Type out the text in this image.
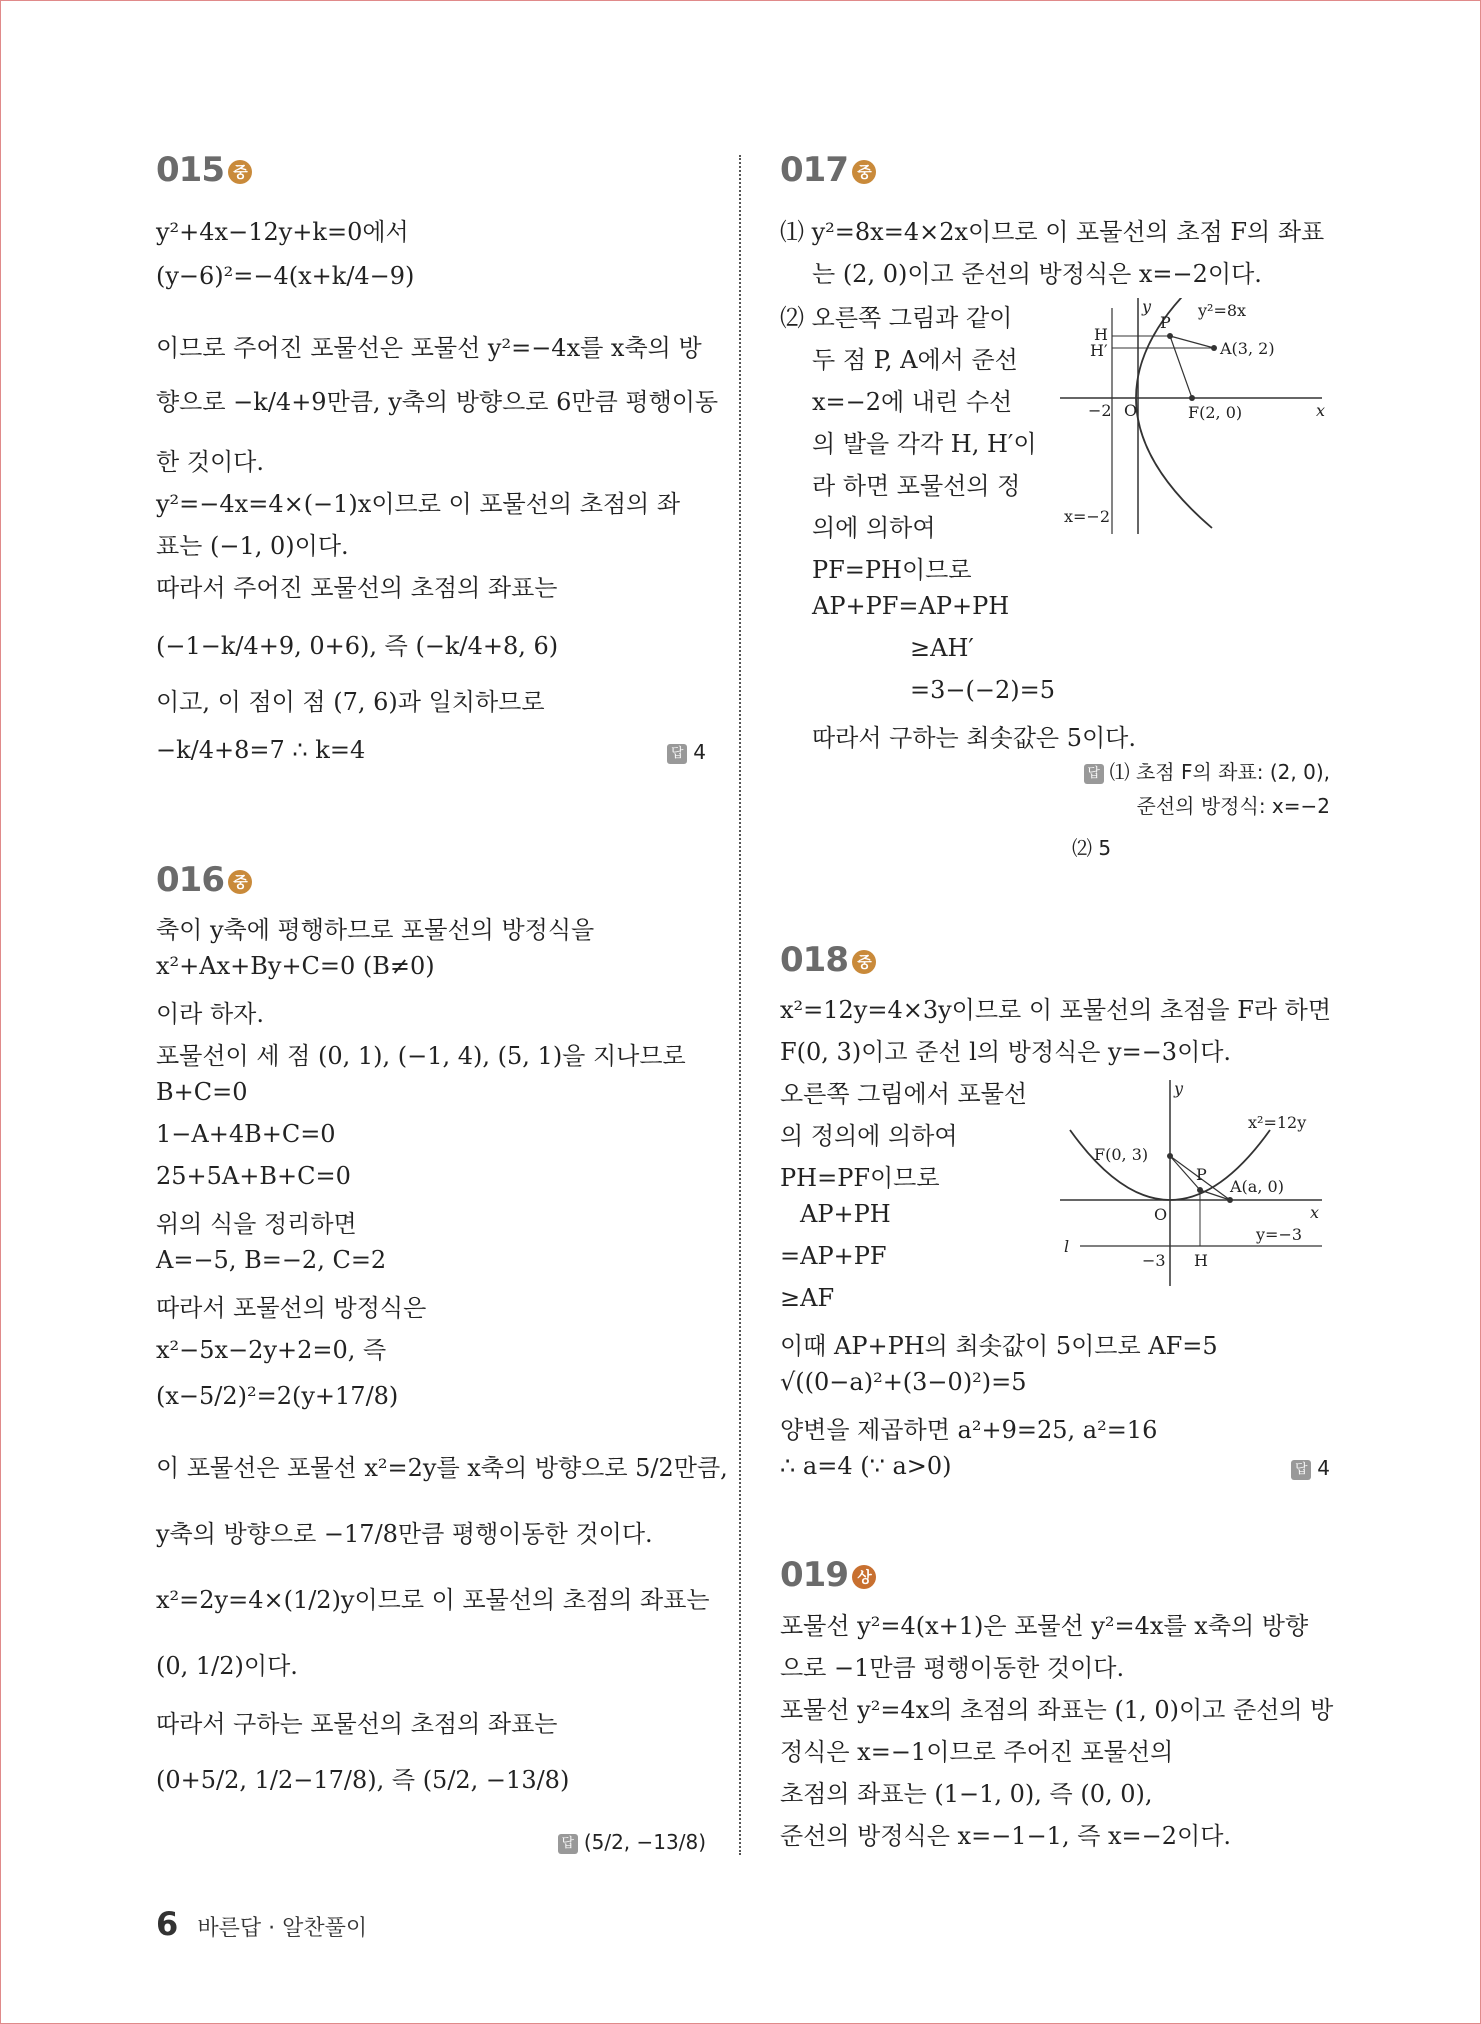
015 중
y²+4x−12y+k=0에서
(y−6)²=−4(x+k/4−9)
이므로 주어진 포물선은 포물선 y²=−4x를 x축의 방
향으로 −k/4+9만큼, y축의 방향으로 6만큼 평행이동
한 것이다.
y²=−4x=4×(−1)x이므로 이 포물선의 초점의 좌
표는 (−1, 0)이다.
따라서 주어진 포물선의 초점의 좌표는
(−1−k/4+9, 0+6), 즉 (−k/4+8, 6)
이고, 이 점이 점 (7, 6)과 일치하므로
−k/4+8=7 ∴ k=4	답 4
016 중
축이 y축에 평행하므로 포물선의 방정식을
x²+Ax+By+C=0 (B≠0)
이라 하자.
포물선이 세 점 (0, 1), (−1, 4), (5, 1)을 지나므로
B+C=0
1−A+4B+C=0
25+5A+B+C=0
위의 식을 정리하면
A=−5, B=−2, C=2
따라서 포물선의 방정식은
x²−5x−2y+2=0, 즉
(x−5/2)²=2(y+17/8)
이 포물선은 포물선 x²=2y를 x축의 방향으로 5/2만큼,
y축의 방향으로 −17/8만큼 평행이동한 것이다.
x²=2y=4×(1/2)y이므로 이 포물선의 초점의 좌표는
(0, 1/2)이다.
따라서 구하는 포물선의 초점의 좌표는
(0+5/2, 1/2−17/8), 즉 (5/2, −13/8)
답 (5/2, −13/8)
017 중
⑴ y²=8x=4×2x이므로 이 포물선의 초점 F의 좌표
는 (2, 0)이고 준선의 방정식은 x=−2이다.
⑵ 오른쪽 그림과 같이
두 점 P, A에서 준선
x=−2에 내린 수선
의 발을 각각 H, H′이
라 하면 포물선의 정
의에 의하여
PF=PH이므로
AP+PF=AP+PH
≥AH′
=3−(−2)=5
따라서 구하는 최솟값은 5이다.
답 ⑴ 초점 F의 좌표: (2, 0),
준선의 방정식: x=−2
⑵ 5
y	y²=8x
H
H′
P
A(3, 2)
−2 O	F(2, 0)	x
x=−2
018 중
x²=12y=4×3y이므로 이 포물선의 초점을 F라 하면
F(0, 3)이고 준선 l의 방정식은 y=−3이다.
오른쪽 그림에서 포물선
의 정의에 의하여
PH=PF이므로
AP+PH
=AP+PF
≥AF
이때 AP+PH의 최솟값이 5이므로 AF=5
√((0−a)²+(3−0)²)=5
양변을 제곱하면 a²+9=25, a²=16
∴ a=4 (∵ a>0)	답 4
y
x²=12y
F(0, 3)
P
A(a, 0)
O	x
y=−3
l
−3 H
019 상
포물선 y²=4(x+1)은 포물선 y²=4x를 x축의 방향
으로 −1만큼 평행이동한 것이다.
포물선 y²=4x의 초점의 좌표는 (1, 0)이고 준선의 방
정식은 x=−1이므로 주어진 포물선의
초점의 좌표는 (1−1, 0), 즉 (0, 0),
준선의 방정식은 x=−1−1, 즉 x=−2이다.
6 바른답 · 알찬풀이
